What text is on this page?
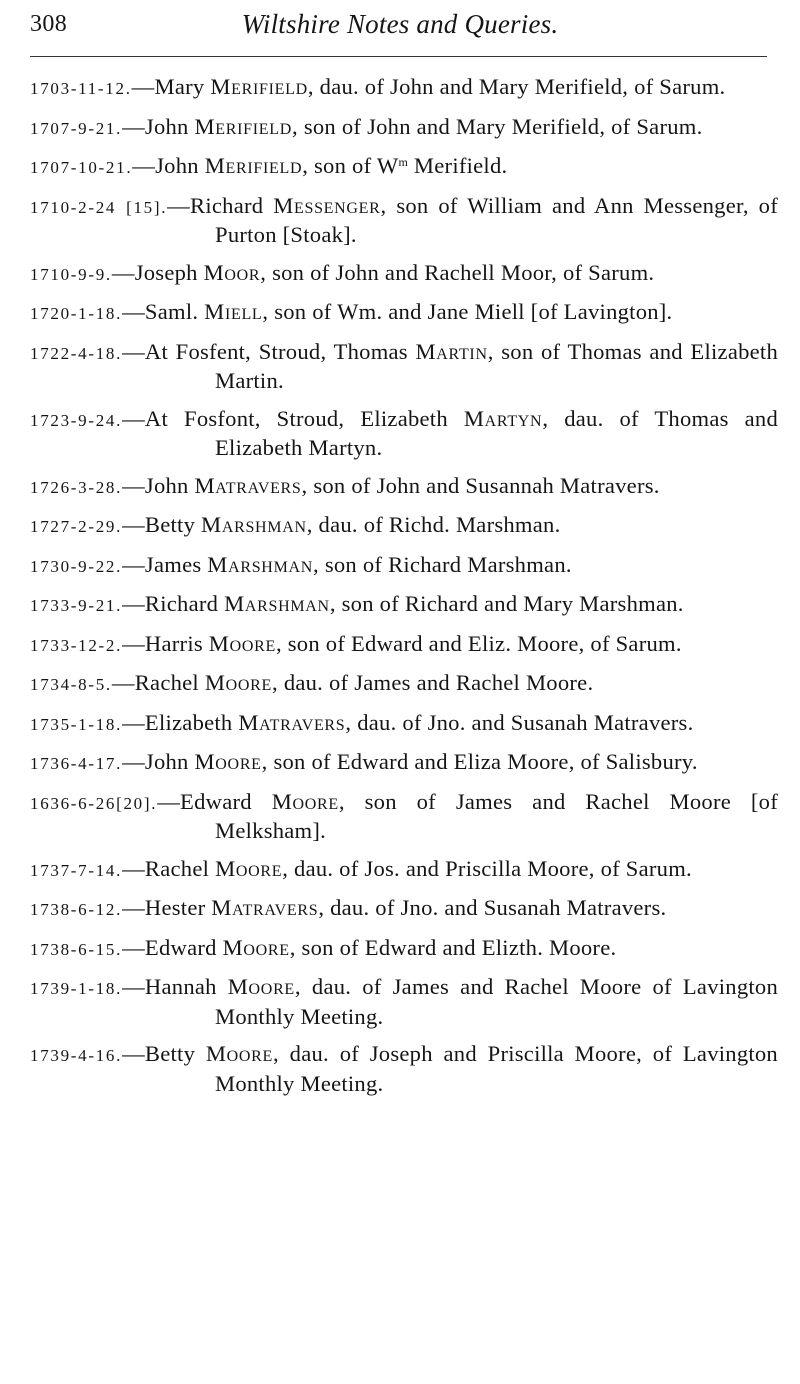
308	Wiltshire Notes and Queries.
1703-11-12.—Mary Merifield, dau. of John and Mary Merifield, of Sarum.
1707-9-21.—John Merifield, son of John and Mary Merifield, of Sarum.
1707-10-21.—John Merifield, son of $W^m$ Merifield.
1710-2-24 [15].—Richard Messenger, son of William and Ann Messenger, of Purton [Stoak].
1710-9-9.—Joseph Moor, son of John and Rachell Moor, of Sarum.
1720-1-18.—Saml. Miell, son of Wm. and Jane Miell [of Lavington].
1722-4-18.—At Fosfent, Stroud, Thomas Martin, son of Thomas and Elizabeth Martin.
1723-9-24.—At Fosfont, Stroud, Elizabeth Martyn, dau. of Thomas and Elizabeth Martyn.
1726-3-28.—John Matravers, son of John and Susannah Matravers.
1727-2-29.—Betty Marshman, dau. of Richd. Marshman.
1730-9-22.—James Marshman, son of Richard Marshman.
1733-9-21.—Richard Marshman, son of Richard and Mary Marshman.
1733-12-2.—Harris Moore, son of Edward and Eliz. Moore, of Sarum.
1734-8-5.—Rachel Moore, dau. of James and Rachel Moore.
1735-1-18.—Elizabeth Matravers, dau. of Jno. and Susanah Matravers.
1736-4-17.—John Moore, son of Edward and Eliza Moore, of Salisbury.
1636-6-26[20].—Edward Moore, son of James and Rachel Moore [of Melksham].
1737-7-14.—Rachel Moore, dau. of Jos. and Priscilla Moore, of Sarum.
1738-6-12.—Hester Matravers, dau. of Jno. and Susanah Matravers.
1738-6-15.—Edward Moore, son of Edward and Elizth. Moore.
1739-1-18.—Hannah Moore, dau. of James and Rachel Moore of Lavington Monthly Meeting.
1739-4-16.—Betty Moore, dau. of Joseph and Priscilla Moore, of Lavington Monthly Meeting.
